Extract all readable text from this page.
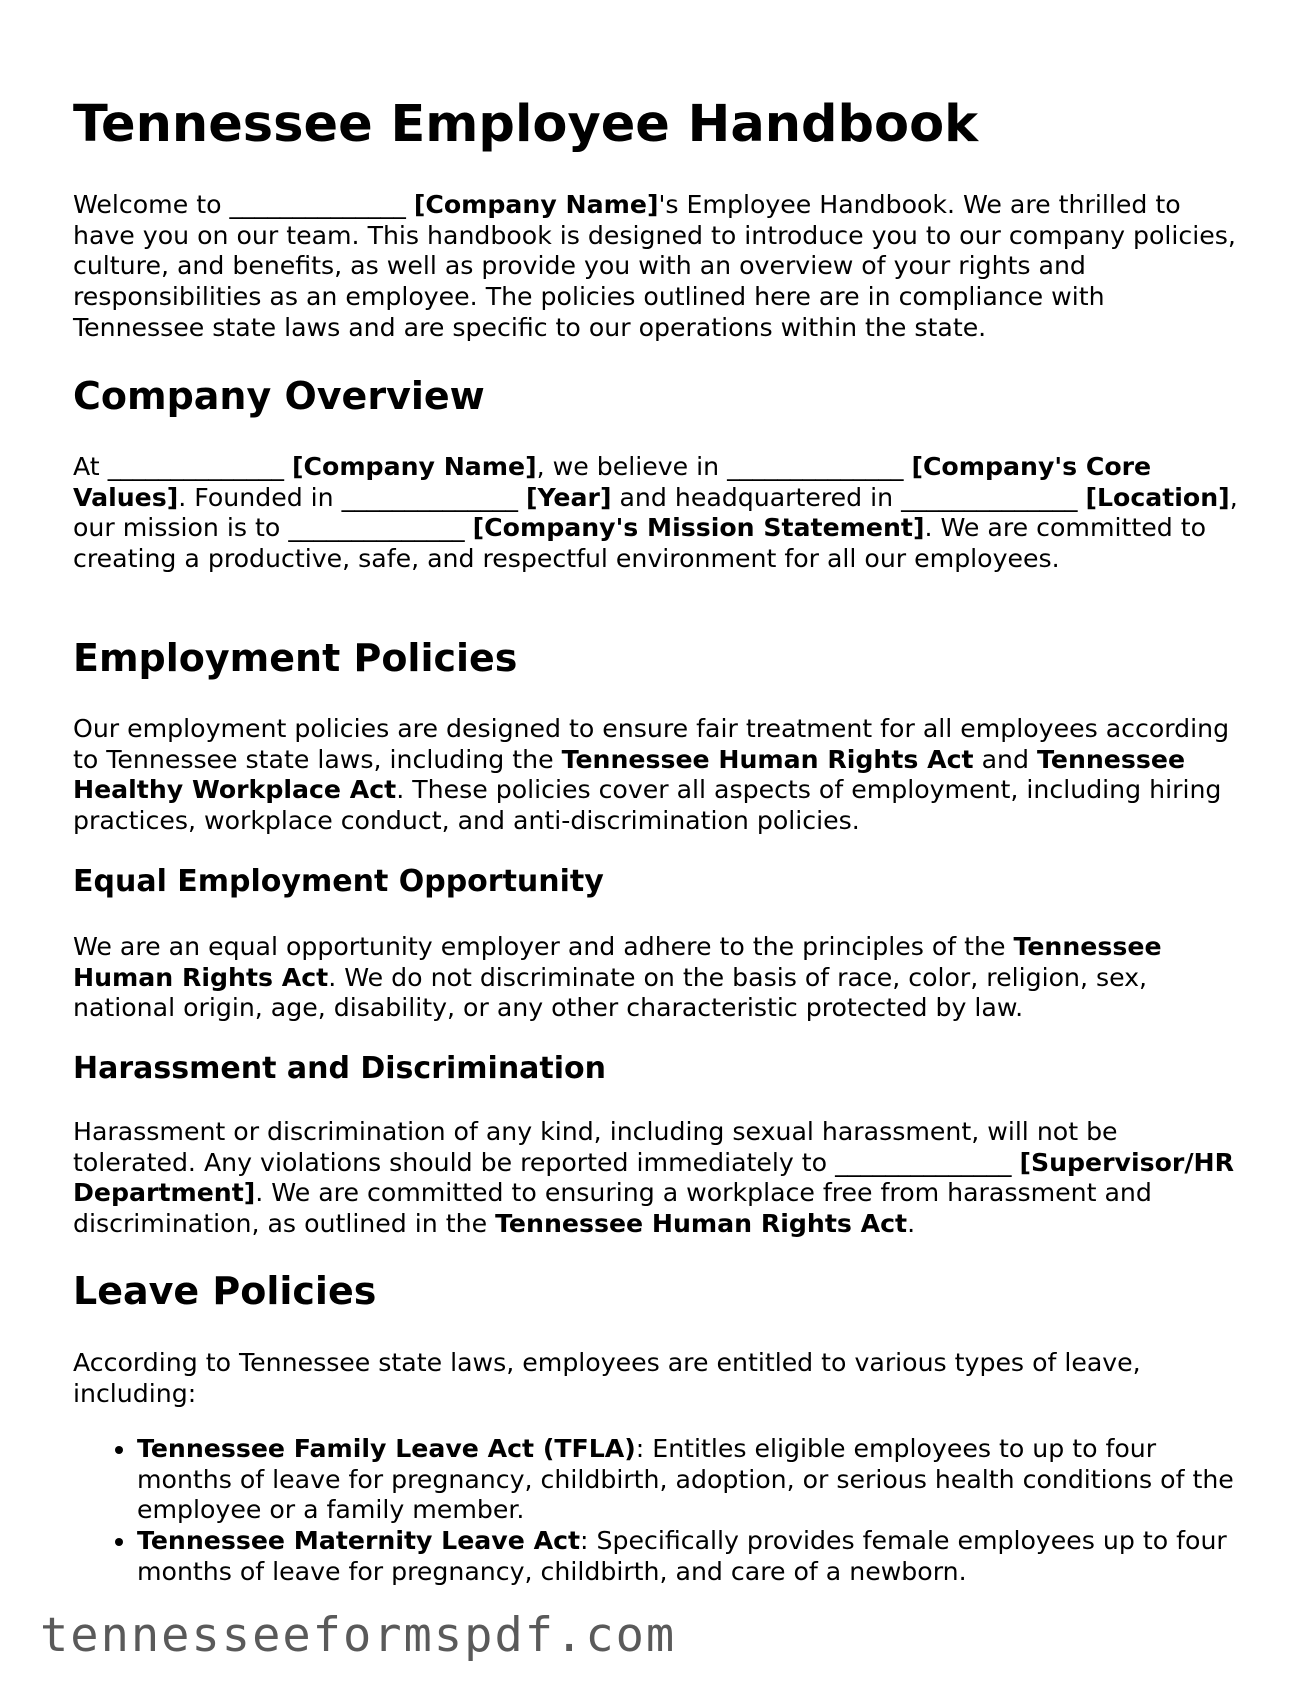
Tennessee Employee Handbook

Welcome to ______________ [Company Name]'s Employee Handbook. We are thrilled to have you on our team. This handbook is designed to introduce you to our company policies, culture, and benefits, as well as provide you with an overview of your rights and responsibilities as an employee. The policies outlined here are in compliance with Tennessee state laws and are specific to our operations within the state.

Company Overview

At ______________ [Company Name], we believe in ______________ [Company's Core Values]. Founded in ______________ [Year] and headquartered in ______________ [Location], our mission is to ______________ [Company's Mission Statement]. We are committed to creating a productive, safe, and respectful environment for all our employees.

Employment Policies

Our employment policies are designed to ensure fair treatment for all employees according to Tennessee state laws, including the Tennessee Human Rights Act and Tennessee Healthy Workplace Act. These policies cover all aspects of employment, including hiring practices, workplace conduct, and anti-discrimination policies.

Equal Employment Opportunity

We are an equal opportunity employer and adhere to the principles of the Tennessee Human Rights Act. We do not discriminate on the basis of race, color, religion, sex, national origin, age, disability, or any other characteristic protected by law.

Harassment and Discrimination

Harassment or discrimination of any kind, including sexual harassment, will not be tolerated. Any violations should be reported immediately to ______________ [Supervisor/HR Department]. We are committed to ensuring a workplace free from harassment and discrimination, as outlined in the Tennessee Human Rights Act.

Leave Policies

According to Tennessee state laws, employees are entitled to various types of leave, including:

• Tennessee Family Leave Act (TFLA): Entitles eligible employees to up to four months of leave for pregnancy, childbirth, adoption, or serious health conditions of the employee or a family member.
• Tennessee Maternity Leave Act: Specifically provides female employees up to four months of leave for pregnancy, childbirth, and care of a newborn.
tennesseeformspdf.com
